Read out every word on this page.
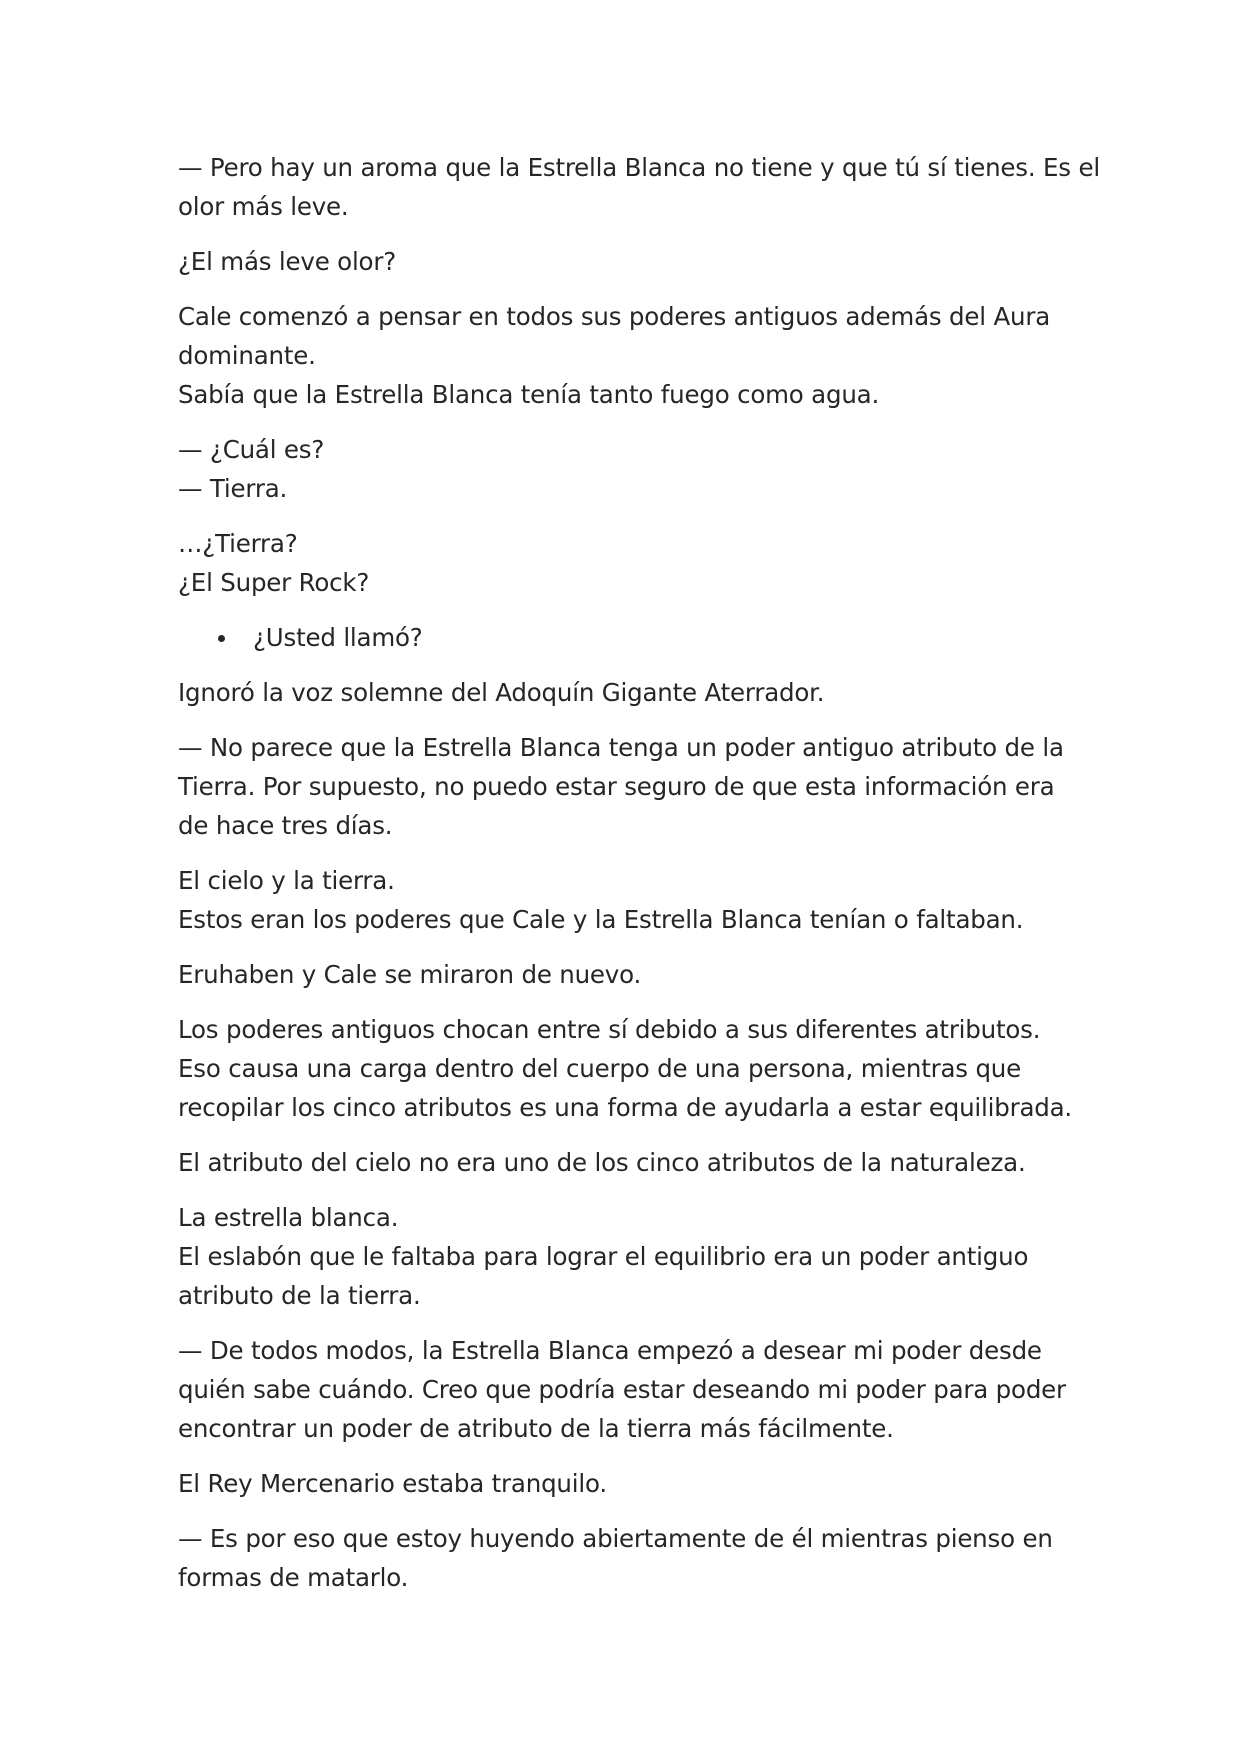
— Pero hay un aroma que la Estrella Blanca no tiene y que tú sí tienes. Es el
olor más leve.

¿El más leve olor?

Cale comenzó a pensar en todos sus poderes antiguos además del Aura
dominante.
Sabía que la Estrella Blanca tenía tanto fuego como agua.

— ¿Cuál es?
— Tierra.

…¿Tierra?
¿El Super Rock?

¿Usted llamó?

Ignoró la voz solemne del Adoquín Gigante Aterrador.

— No parece que la Estrella Blanca tenga un poder antiguo atributo de la
Tierra. Por supuesto, no puedo estar seguro de que esta información era
de hace tres días.

El cielo y la tierra.
Estos eran los poderes que Cale y la Estrella Blanca tenían o faltaban.

Eruhaben y Cale se miraron de nuevo.

Los poderes antiguos chocan entre sí debido a sus diferentes atributos.
Eso causa una carga dentro del cuerpo de una persona, mientras que
recopilar los cinco atributos es una forma de ayudarla a estar equilibrada.

El atributo del cielo no era uno de los cinco atributos de la naturaleza.

La estrella blanca.
El eslabón que le faltaba para lograr el equilibrio era un poder antiguo
atributo de la tierra.

— De todos modos, la Estrella Blanca empezó a desear mi poder desde
quién sabe cuándo. Creo que podría estar deseando mi poder para poder
encontrar un poder de atributo de la tierra más fácilmente.

El Rey Mercenario estaba tranquilo.

— Es por eso que estoy huyendo abiertamente de él mientras pienso en
formas de matarlo.
